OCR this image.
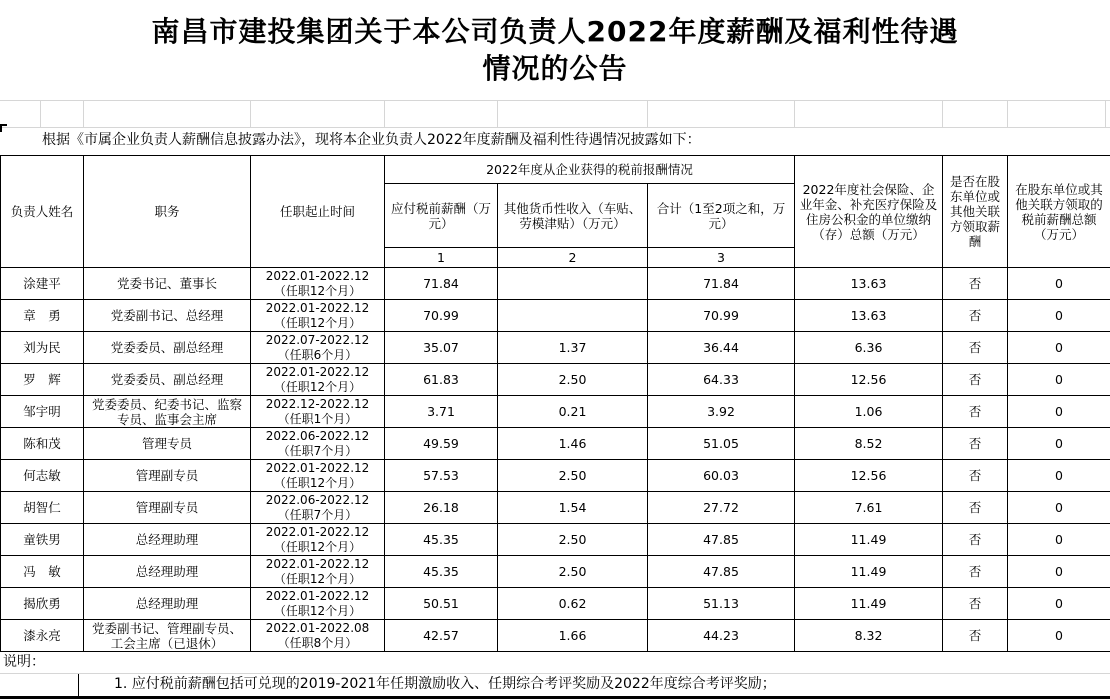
南昌市建投集团关于本公司负责人2022年度薪酬及福利性待遇
情况的公告
根据《市属企业负责人薪酬信息披露办法》，现将本企业负责人2022年度薪酬及福利性待遇情况披露如下：
负责人姓名	职务	任职起止时间	2022年度从企业获得的税前报酬情况			2022年度社会保险、企业年金、补充医疗保险及住房公积金的单位缴纳（存）总额（万元）	是否在股东单位或其他关联方领取薪酬	在股东单位或其他关联方领取的税前薪酬总额（万元）
			应付税前薪酬（万元）	其他货币性收入（车贴、劳模津贴）（万元）	合计（1至2项之和，万元）			
			1	2	3			
涂建平	党委书记、董事长	2022.01-2022.12
（任职12个月）	71.84		71.84	13.63	否	0
章　勇	党委副书记、总经理	2022.01-2022.12
（任职12个月）	70.99		70.99	13.63	否	0
刘为民	党委委员、副总经理	2022.07-2022.12
（任职6个月）	35.07	1.37	36.44	6.36	否	0
罗　辉	党委委员、副总经理	2022.01-2022.12
（任职12个月）	61.83	2.50	64.33	12.56	否	0
邹宇明	党委委员、纪委书记、监察专员、监事会主席	2022.12-2022.12
（任职1个月）	3.71	0.21	3.92	1.06	否	0
陈和茂	管理专员	2022.06-2022.12
（任职7个月）	49.59	1.46	51.05	8.52	否	0
何志敏	管理副专员	2022.01-2022.12
（任职12个月）	57.53	2.50	60.03	12.56	否	0
胡智仁	管理副专员	2022.06-2022.12
（任职7个月）	26.18	1.54	27.72	7.61	否	0
童铁男	总经理助理	2022.01-2022.12
（任职12个月）	45.35	2.50	47.85	11.49	否	0
冯　敏	总经理助理	2022.01-2022.12
（任职12个月）	45.35	2.50	47.85	11.49	否	0
揭欣勇	总经理助理	2022.01-2022.12
（任职12个月）	50.51	0.62	51.13	11.49	否	0
漆永亮	党委副书记、管理副专员、工会主席（已退休）	2022.01-2022.08
（任职8个月）	42.57	1.66	44.23	8.32	否	0
说明：
1. 应付税前薪酬包括可兑现的2019-2021年任期激励收入、任期综合考评奖励及2022年度综合考评奖励；
